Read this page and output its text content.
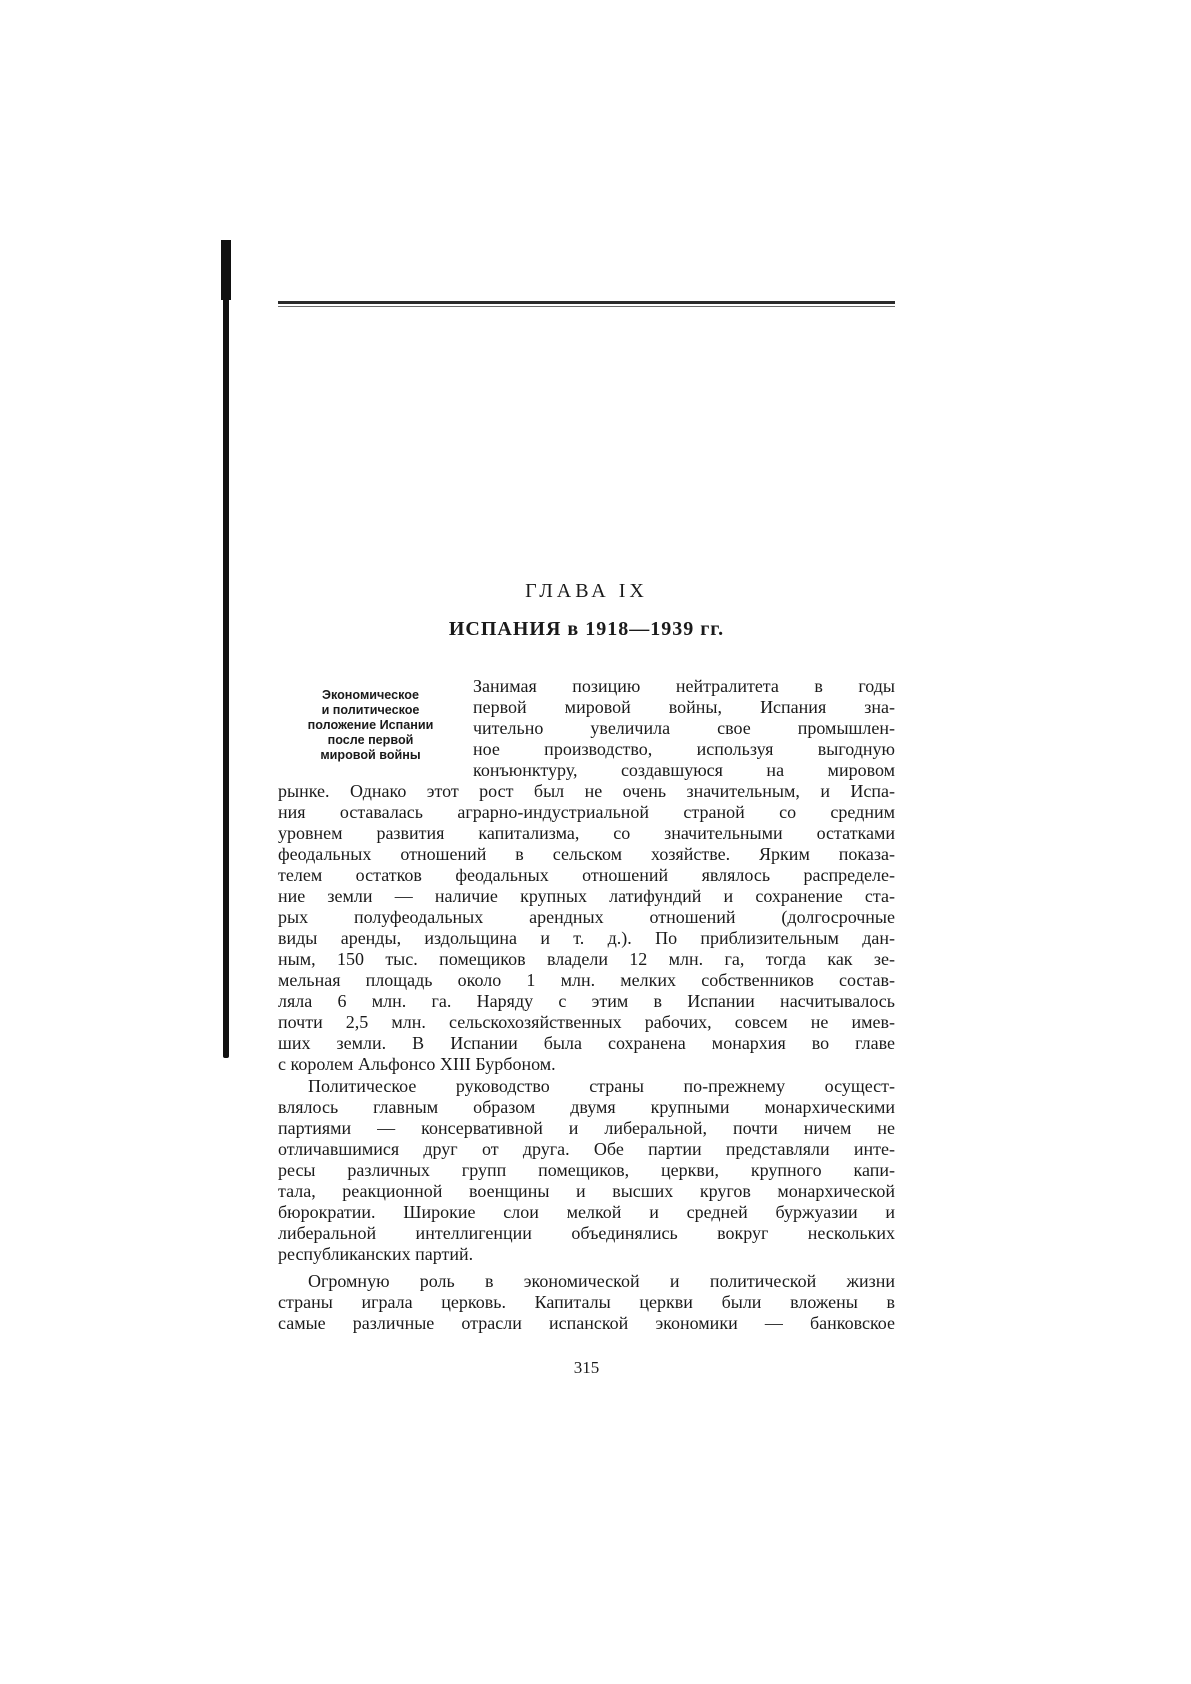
ГЛАВА IX
ИСПАНИЯ в 1918—1939 гг.
Экономическое
и политическое
положение Испании
после первой
мировой войны
Занимая позицию нейтралитета в годы
первой мировой войны, Испания зна-
чительно увеличила свое промышлен-
ное производство, используя выгодную
конъюнктуру, создавшуюся на мировом
рынке. Однако этот рост был не очень значительным, и Испа-
ния оставалась аграрно-индустриальной страной со средним
уровнем развития капитализма, со значительными остатками
феодальных отношений в сельском хозяйстве. Ярким показа-
телем остатков феодальных отношений являлось распределе-
ние земли — наличие крупных латифундий и сохранение ста-
рых полуфеодальных арендных отношений (долгосрочные
виды аренды, издольщина и т. д.). По приблизительным дан-
ным, 150 тыс. помещиков владели 12 млн. га, тогда как зе-
мельная площадь около 1 млн. мелких собственников состав-
ляла 6 млн. га. Наряду с этим в Испании насчитывалось
почти 2,5 млн. сельскохозяйственных рабочих, совсем не имев-
ших земли. В Испании была сохранена монархия во главе
с королем Альфонсо XIII Бурбоном.
Политическое руководство страны по-прежнему осущест-
влялось главным образом двумя крупными монархическими
партиями — консервативной и либеральной, почти ничем не
отличавшимися друг от друга. Обе партии представляли инте-
ресы различных групп помещиков, церкви, крупного капи-
тала, реакционной военщины и высших кругов монархической
бюрократии. Широкие слои мелкой и средней буржуазии и
либеральной интеллигенции объединялись вокруг нескольких
республиканских партий.
Огромную роль в экономической и политической жизни
страны играла церковь. Капиталы церкви были вложены в
самые различные отрасли испанской экономики — банковское
315
